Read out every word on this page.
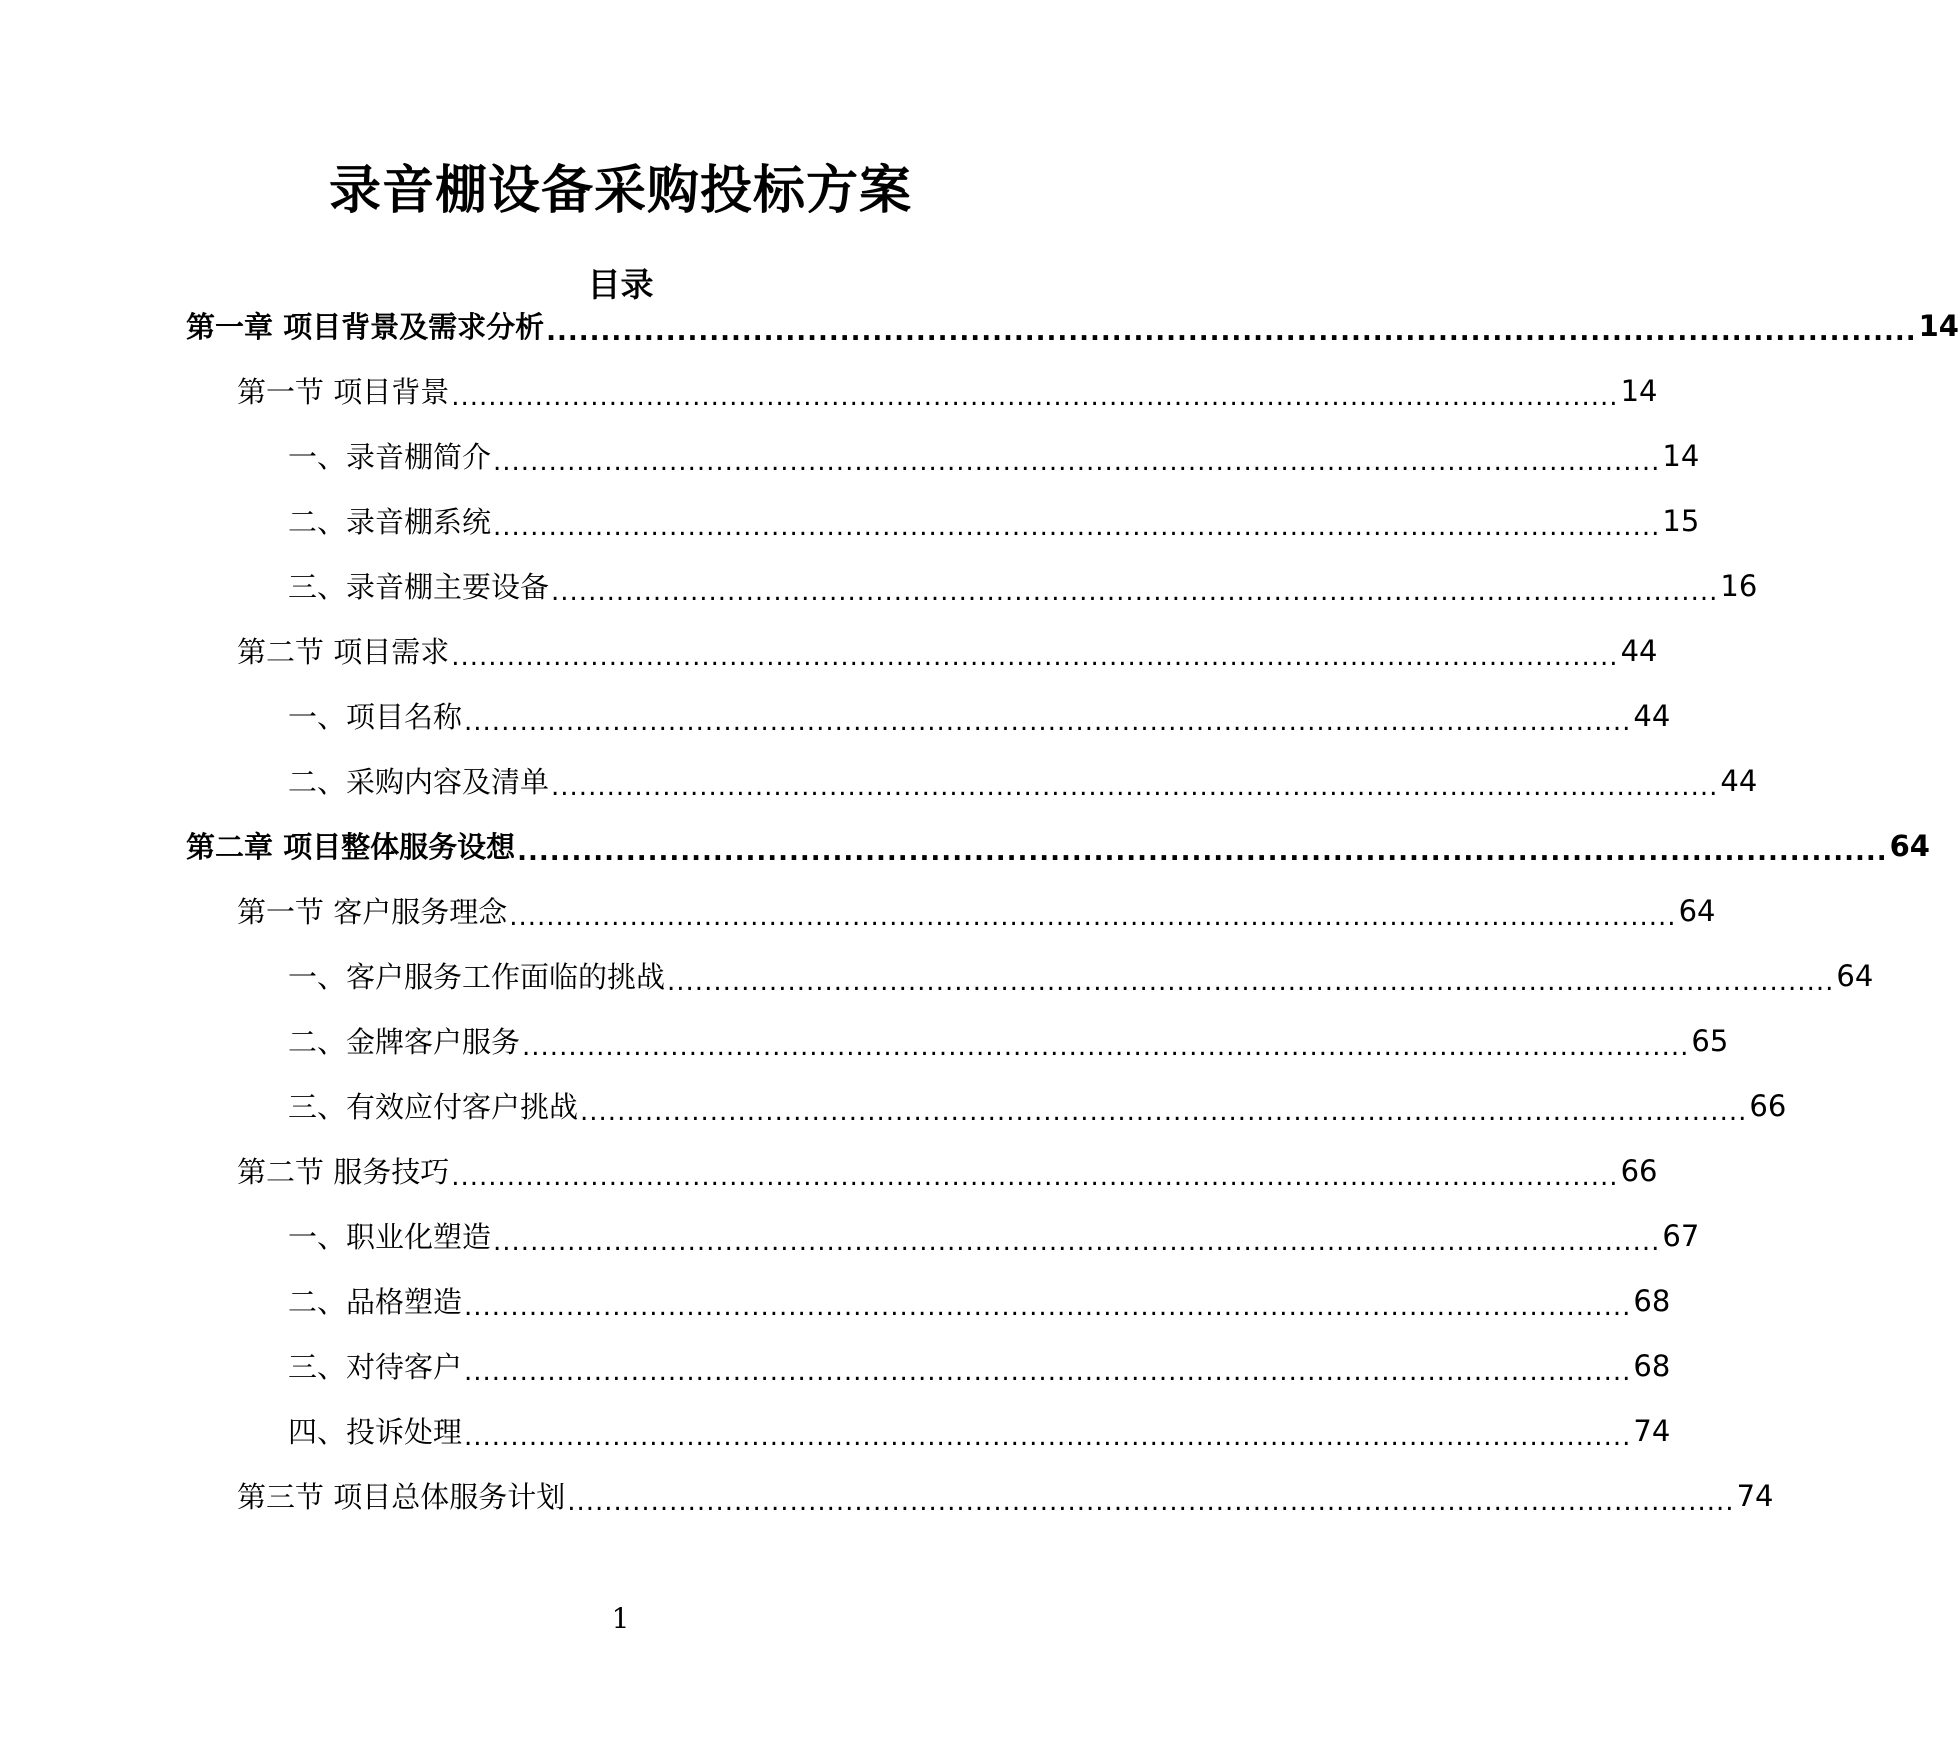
录音棚设备采购投标方案
目录
第一章 项目背景及需求分析 .............................................................................................................................. 14
第一节 项目背景 .............................................................................................................................. 14
一、录音棚简介 .............................................................................................................................. 14
二、录音棚系统 .............................................................................................................................. 15
三、录音棚主要设备 .............................................................................................................................. 16
第二节 项目需求 .............................................................................................................................. 44
一、项目名称 .............................................................................................................................. 44
二、采购内容及清单 .............................................................................................................................. 44
第二章 项目整体服务设想 .............................................................................................................................. 64
第一节 客户服务理念 .............................................................................................................................. 64
一、客户服务工作面临的挑战 .............................................................................................................................. 64
二、金牌客户服务 .............................................................................................................................. 65
三、有效应付客户挑战 .............................................................................................................................. 66
第二节 服务技巧 .............................................................................................................................. 66
一、职业化塑造 .............................................................................................................................. 67
二、品格塑造 .............................................................................................................................. 68
三、对待客户 .............................................................................................................................. 68
四、投诉处理 .............................................................................................................................. 74
第三节 项目总体服务计划 .............................................................................................................................. 74
1
